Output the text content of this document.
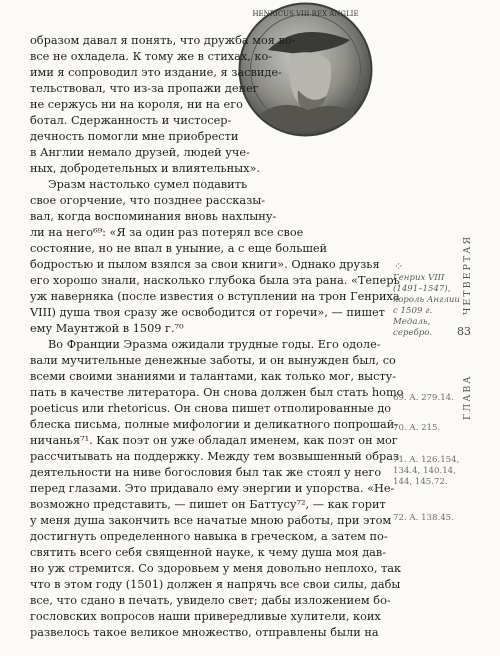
HENRICUS VIII REX ANGLIE
образом давал я понять, что дружба моя во-
все не охладела. К тому же в стихах, ко-
ими я сопроводил это издание, я засвиде-
тельствовал, что из-за пропажи денег
не сержусь ни на короля, ни на его
ботал. Сдержанность и чистосер-
дечность помогли мне приобрести
в Англии немало друзей, людей уче-
ных, добродетельных и влиятельных».
Эразм настолько сумел подавить
свое огорчение, что позднее рассказы-
вал, когда воспоминания вновь нахлыну-
ли на него⁶⁹: «Я за один раз потерял все свое
состояние, но не впал в уныние, а с еще большей
бодростью и пылом взялся за свои книги». Однако друзья
его хорошо знали, насколько глубока была эта рана. «Теперь
уж наверняка (после известия о вступлении на трон Генриха
VIII) душа твоя сразу же освободится от горечи», — пишет
ему Маунтжой в 1509 г.⁷⁰
Во Франции Эразма ожидали трудные годы. Его одоле-
вали мучительные денежные заботы, и он вынужден был, со
всеми своими знаниями и талантами, как только мог, высту-
пать в качестве литератора. Он снова должен был стать homo
poeticus или rhetoricus. Он снова пишет отполированные до
блеска письма, полные мифологии и деликатного попрошай-
ничанья⁷¹. Как поэт он уже обладал именем, как поэт он мог
рассчитывать на поддержку. Между тем возвышенный образ
деятельности на ниве богословия был так же стоял у него
перед глазами. Это придавало ему энергии и упорства. «Не-
возможно представить, — пишет он Баттусу⁷², — как горит
у меня душа закончить все начатые мною работы, при этом
достигнуть определенного навыка в греческом, а затем по-
святить всего себя священной науке, к чему душа моя дав-
но уж стремится. Со здоровьем у меня довольно неплохо, так
что в этом году (1501) должен я напрячь все свои силы, дабы
все, что сдано в печать, увидело свет; дабы изложением бо-
гословских вопросов наши привередливые хулители, коих
развелось такое великое множество, отправлены были на
⁘
Генрих VIII
(1491–1547),
король Англии
с 1509 г.
Медаль,
серебро.	83
ЧЕТВЕРТАЯ
ГЛАВА
69. A. 279.14.
70. A. 215.
71. A. 126.154,
134.4, 140.14,
144, 145.72.
72. A. 138.45.
